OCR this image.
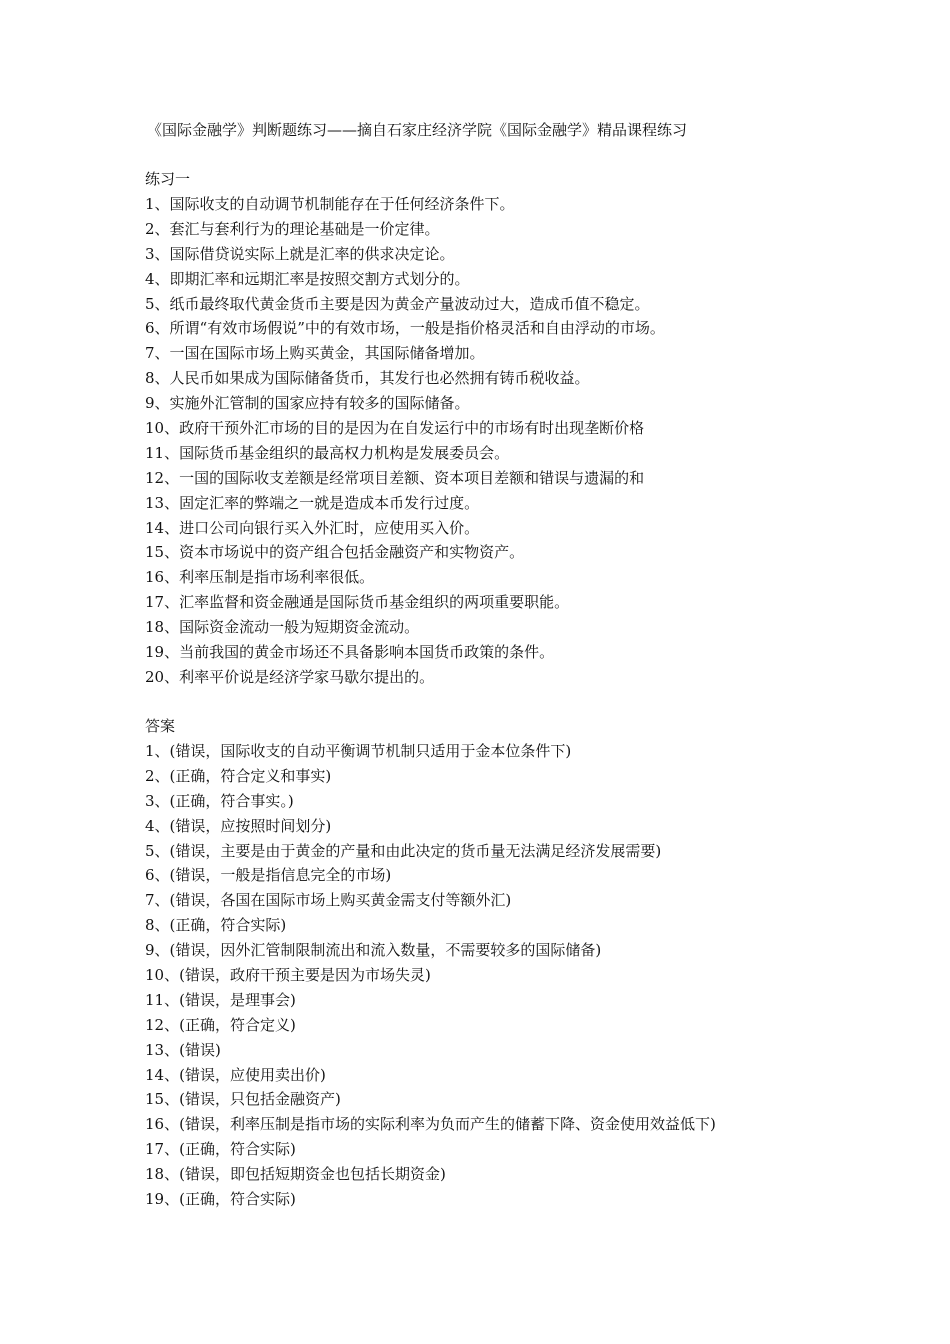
《国际金融学》判断题练习——摘自石家庄经济学院《国际金融学》精品课程练习
练习一
1、国际收支的自动调节机制能存在于任何经济条件下。
2、套汇与套利行为的理论基础是一价定律。
3、国际借贷说实际上就是汇率的供求决定论。
4、即期汇率和远期汇率是按照交割方式划分的。
5、纸币最终取代黄金货币主要是因为黄金产量波动过大，造成币值不稳定。
6、所谓“有效市场假说”中的有效市场，一般是指价格灵活和自由浮动的市场。
7、一国在国际市场上购买黄金，其国际储备增加。
8、人民币如果成为国际储备货币，其发行也必然拥有铸币税收益。
9、实施外汇管制的国家应持有较多的国际储备。
10、政府干预外汇市场的目的是因为在自发运行中的市场有时出现垄断价格
11、国际货币基金组织的最高权力机构是发展委员会。
12、一国的国际收支差额是经常项目差额、资本项目差额和错误与遗漏的和
13、固定汇率的弊端之一就是造成本币发行过度。
14、进口公司向银行买入外汇时，应使用买入价。
15、资本市场说中的资产组合包括金融资产和实物资产。
16、利率压制是指市场利率很低。
17、汇率监督和资金融通是国际货币基金组织的两项重要职能。
18、国际资金流动一般为短期资金流动。
19、当前我国的黄金市场还不具备影响本国货币政策的条件。
20、利率平价说是经济学家马歇尔提出的。
答案
1、(错误，国际收支的自动平衡调节机制只适用于金本位条件下)
2、(正确，符合定义和事实)
3、(正确，符合事实。)
4、(错误，应按照时间划分)
5、(错误，主要是由于黄金的产量和由此决定的货币量无法满足经济发展需要)
6、(错误，一般是指信息完全的市场)
7、(错误，各国在国际市场上购买黄金需支付等额外汇)
8、(正确，符合实际)
9、(错误，因外汇管制限制流出和流入数量，不需要较多的国际储备)
10、(错误，政府干预主要是因为市场失灵)
11、(错误，是理事会)
12、(正确，符合定义)
13、(错误)
14、(错误，应使用卖出价)
15、(错误，只包括金融资产)
16、(错误，利率压制是指市场的实际利率为负而产生的储蓄下降、资金使用效益低下)
17、(正确，符合实际)
18、(错误，即包括短期资金也包括长期资金)
19、(正确，符合实际)
